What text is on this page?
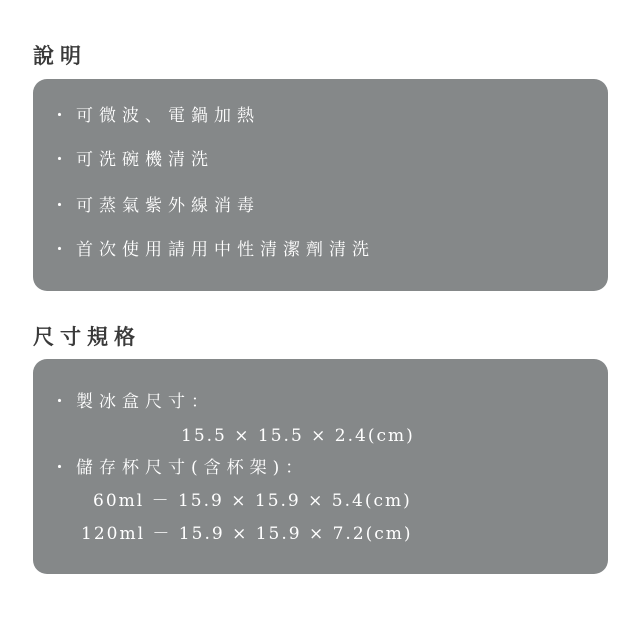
說明
・ 可微波、電鍋加熱
・ 可洗碗機清洗
・ 可蒸氣紫外線消毒
・ 首次使用請用中性清潔劑清洗
尺寸規格
・ 製冰盒尺寸：
15.5 × 15.5 × 2.4(cm)
・ 儲存杯尺寸(含杯架)：
60ml － 15.9 × 15.9 × 5.4(cm)
120ml － 15.9 × 15.9 × 7.2(cm)
